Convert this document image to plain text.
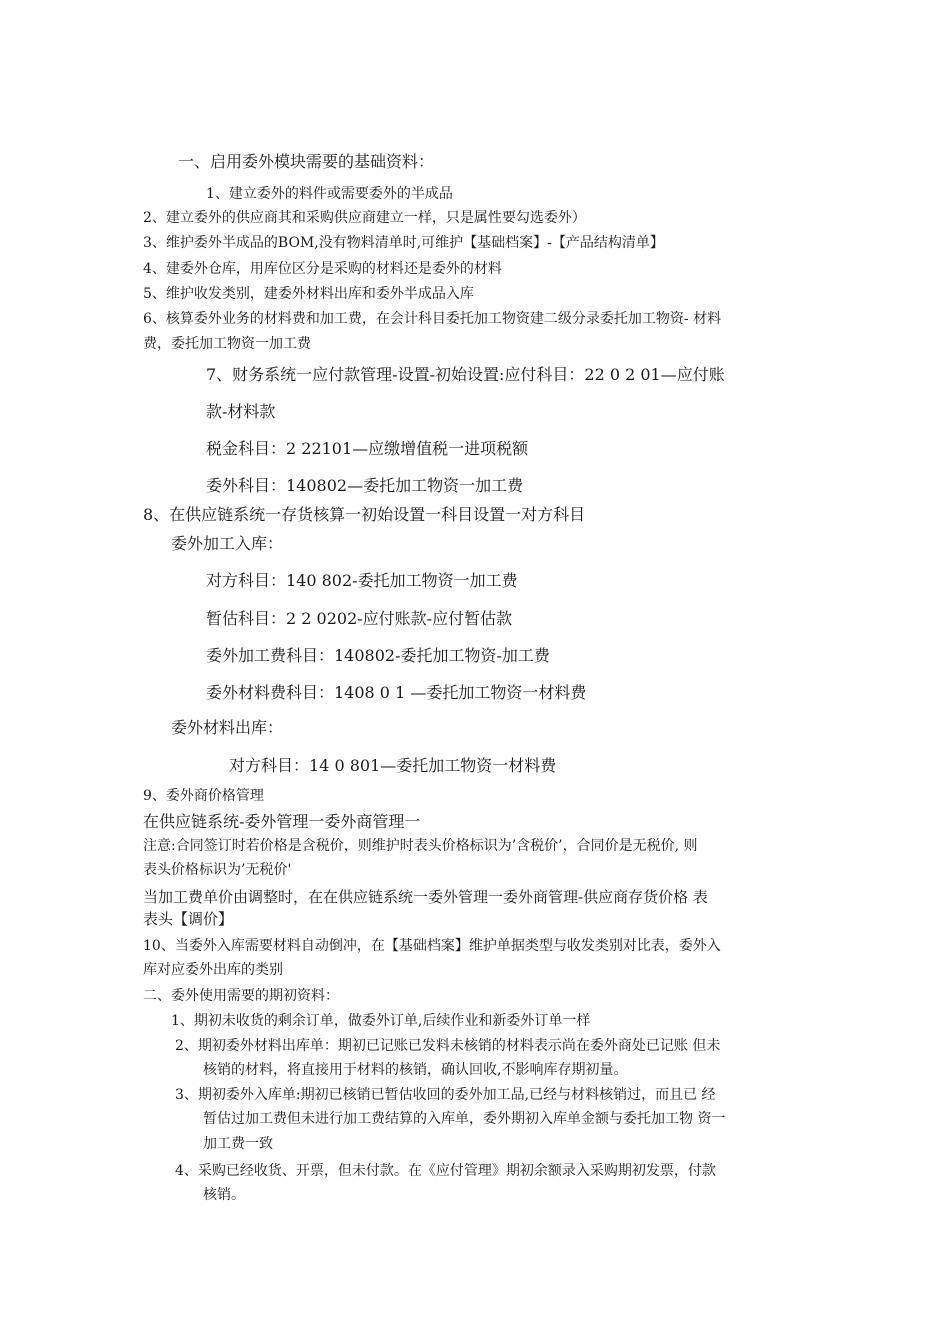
一、启用委外模块需要的基础资料：
1、建立委外的料件或需要委外的半成品
2、建立委外的供应商其和采购供应商建立一样，只是属性要勾选委外）
3、维护委外半成品的BOM,没有物料清单时,可维护【基础档案】-【产品结构清单】
4、建委外仓库，用库位区分是采购的材料还是委外的材料
5、维护收发类别，建委外材料出库和委外半成品入库
6、核算委外业务的材料费和加工费，在会计科目委托加工物资建二级分录委托加工物资- 材料
费，委托加工物资一加工费
7、财务系统一应付款管理-设置-初始设置:应付科目：22 0 2 01—应付账
款-材料款
税金科目：2 22101—应缴增值税一进项税额
委外科目：140802—委托加工物资一加工费
8、在供应链系统一存货核算一初始设置一科目设置一对方科目
委外加工入库：
对方科目：140 802-委托加工物资一加工费
暂估科目：2 2 0202-应付账款-应付暂估款
委外加工费科目：140802-委托加工物资-加工费
委外材料费科目：1408 0 1 —委托加工物资一材料费
委外材料出库：
对方科目：14 0 801—委托加工物资一材料费
9、委外商价格管理
在供应链系统-委外管理一委外商管理一
注意:合同签订时若价格是含税价，则维护时表头价格标识为’含税价’，合同价是无税价, 则
表头价格标识为’无税价'
当加工费单价由调整时，在在供应链系统一委外管理一委外商管理-供应商存货价格 表
表头【调价】
10、当委外入库需要材料自动倒冲，在【基础档案】维护单据类型与收发类别对比表，委外入
库对应委外出库的类别
二、委外使用需要的期初资料：
1、期初未收货的剩余订单，做委外订单,后续作业和新委外订单一样
2、期初委外材料出库单：期初已记账已发料未核销的材料表示尚在委外商处已记账 但未
核销的材料，将直接用于材料的核销，确认回收,不影响库存期初量。
3、期初委外入库单:期初已核销已暂估收回的委外加工品,已经与材料核销过，而且已 经
暂估过加工费但未进行加工费结算的入库单，委外期初入库单金额与委托加工物 资一
加工费一致
4、采购已经收货、开票，但未付款。在《应付管理》期初余额录入采购期初发票，付款
核销。
